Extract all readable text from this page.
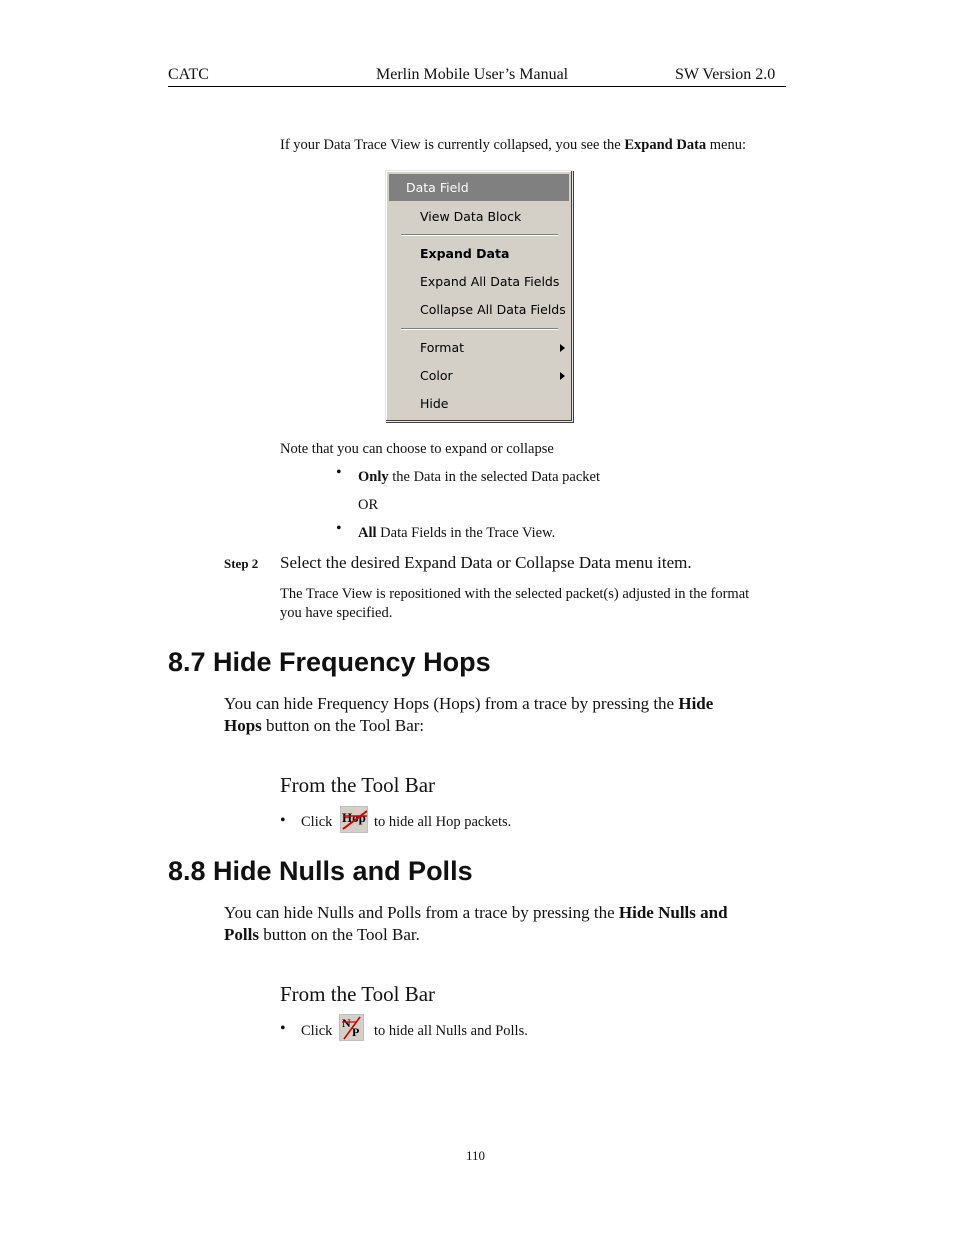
CATC	Merlin Mobile User’s Manual	SW Version 2.0
If your Data Trace View is currently collapsed, you see the Expand Data menu:
Data Field
View Data Block
Expand Data
Expand All Data Fields
Collapse All Data Fields
Format
Color
Hide
Note that you can choose to expand or collapse
• Only the Data in the selected Data packet
OR
• All Data Fields in the Trace View.
Step 2 Select the desired Expand Data or Collapse Data menu item.
The Trace View is repositioned with the selected packet(s) adjusted in the format
you have specified.
8.7 Hide Frequency Hops
You can hide Frequency Hops (Hops) from a trace by pressing the Hide
Hops button on the Tool Bar:
From the Tool Bar
• Click Hop to hide all Hop packets.
8.8 Hide Nulls and Polls
You can hide Nulls and Polls from a trace by pressing the Hide Nulls and
Polls button on the Tool Bar.
From the Tool Bar
• Click N
P to hide all Nulls and Polls.
110
